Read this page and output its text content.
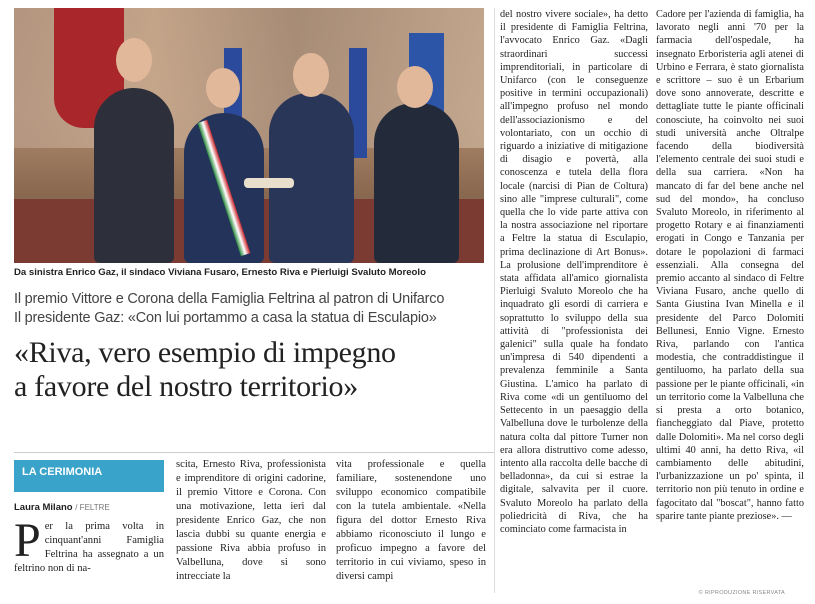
Da sinistra Enrico Gaz, il sindaco Viviana Fusaro, Ernesto Riva e Pierluigi Svaluto Moreolo
Il premio Vittore e Corona della Famiglia Feltrina al patron di Unifarco
Il presidente Gaz: «Con lui portammo a casa la statua di Esculapio»
«Riva, vero esempio di impegno
a favore del nostro territorio»
LA CERIMONIA
Laura Milano / FELTRE
Per la prima volta in cinquant'anni Famiglia Feltrina ha assegnato a un feltrino non di na-
scita, Ernesto Riva, professionista e imprenditore di origini cadorine, il premio Vittore e Corona. Con una motivazione, letta ieri dal presidente Enrico Gaz, che non lascia dubbi su quante energia e passione Riva abbia profuso in Valbelluna, dove si sono intrecciate la
vita professionale e quella familiare, sostenendone uno sviluppo economico compatibile con la tutela ambientale. «Nella figura del dottor Ernesto Riva abbiamo riconosciuto il lungo e proficuo impegno a favore del territorio in cui viviamo, speso in diversi campi
del nostro vivere sociale», ha detto il presidente di Famiglia Feltrina, l'avvocato Enrico Gaz. «Dagli straordinari successi imprenditoriali, in particolare di Unifarco (con le conseguenze positive in termini occupazionali) all'impegno profuso nel mondo dell'associazionismo e del volontariato, con un occhio di riguardo a iniziative di mitigazione di disagio e povertà, alla conoscenza e tutela della flora locale (narcisi di Pian de Coltura) sino alle "imprese culturali", come quella che lo vide parte attiva con la nostra associazione nel riportare a Feltre la statua di Esculapio, prima declinazione di Art Bonus». La prolusione dell'imprenditore è stata affidata all'amico giornalista Pierluigi Svaluto Moreolo che ha inquadrato gli esordi di carriera e soprattutto lo sviluppo della sua attività di "professionista dei galenici" sulla quale ha fondato un'impresa di 540 dipendenti a prevalenza femminile a Santa Giustina. L'amico ha parlato di Riva come «di un gentiluomo del Settecento in un paesaggio della Valbelluna dove le turbolenze della natura colta dal pittore Turner non era allora distruttivo come adesso, intento alla raccolta delle bacche di belladonna», da cui si estrae la digitale, salvavita per il cuore. Svaluto Moreolo ha parlato della poliedricità di Riva, che ha cominciato come farmacista in
Cadore per l'azienda di famiglia, ha lavorato negli anni '70 per la farmacia dell'ospedale, ha insegnato Erboristeria agli atenei di Urbino e Ferrara, è stato giornalista e scrittore – suo è un Erbarium dove sono annoverate, descritte e dettagliate tutte le piante officinali conosciute, ha coinvolto nei suoi studi università anche Oltralpe facendo della biodiversità l'elemento centrale dei suoi studi e della sua carriera. «Non ha mancato di far del bene anche nel sud del mondo», ha concluso Svaluto Moreolo, in riferimento al progetto Rotary e ai finanziamenti erogati in Congo e Tanzania per dotare le popolazioni di farmaci essenziali. Alla consegna del premio accanto al sindaco di Feltre Viviana Fusaro, anche quello di Santa Giustina Ivan Minella e il presidente del Parco Dolomiti Bellunesi, Ennio Vigne. Ernesto Riva, parlando con l'antica modestia, che contraddistingue il gentiluomo, ha parlato della sua passione per le piante officinali, «in un territorio come la Valbelluna che si presta a orto botanico, fiancheggiato dal Piave, protetto dalle Dolomiti». Ma nel corso degli ultimi 40 anni, ha detto Riva, «il cambiamento delle abitudini, l'urbanizzazione un po' spinta, il territorio non più tenuto in ordine e fagocitato dal "boscat", hanno fatto sparire tante piante preziose». —
© RIPRODUZIONE RISERVATA
